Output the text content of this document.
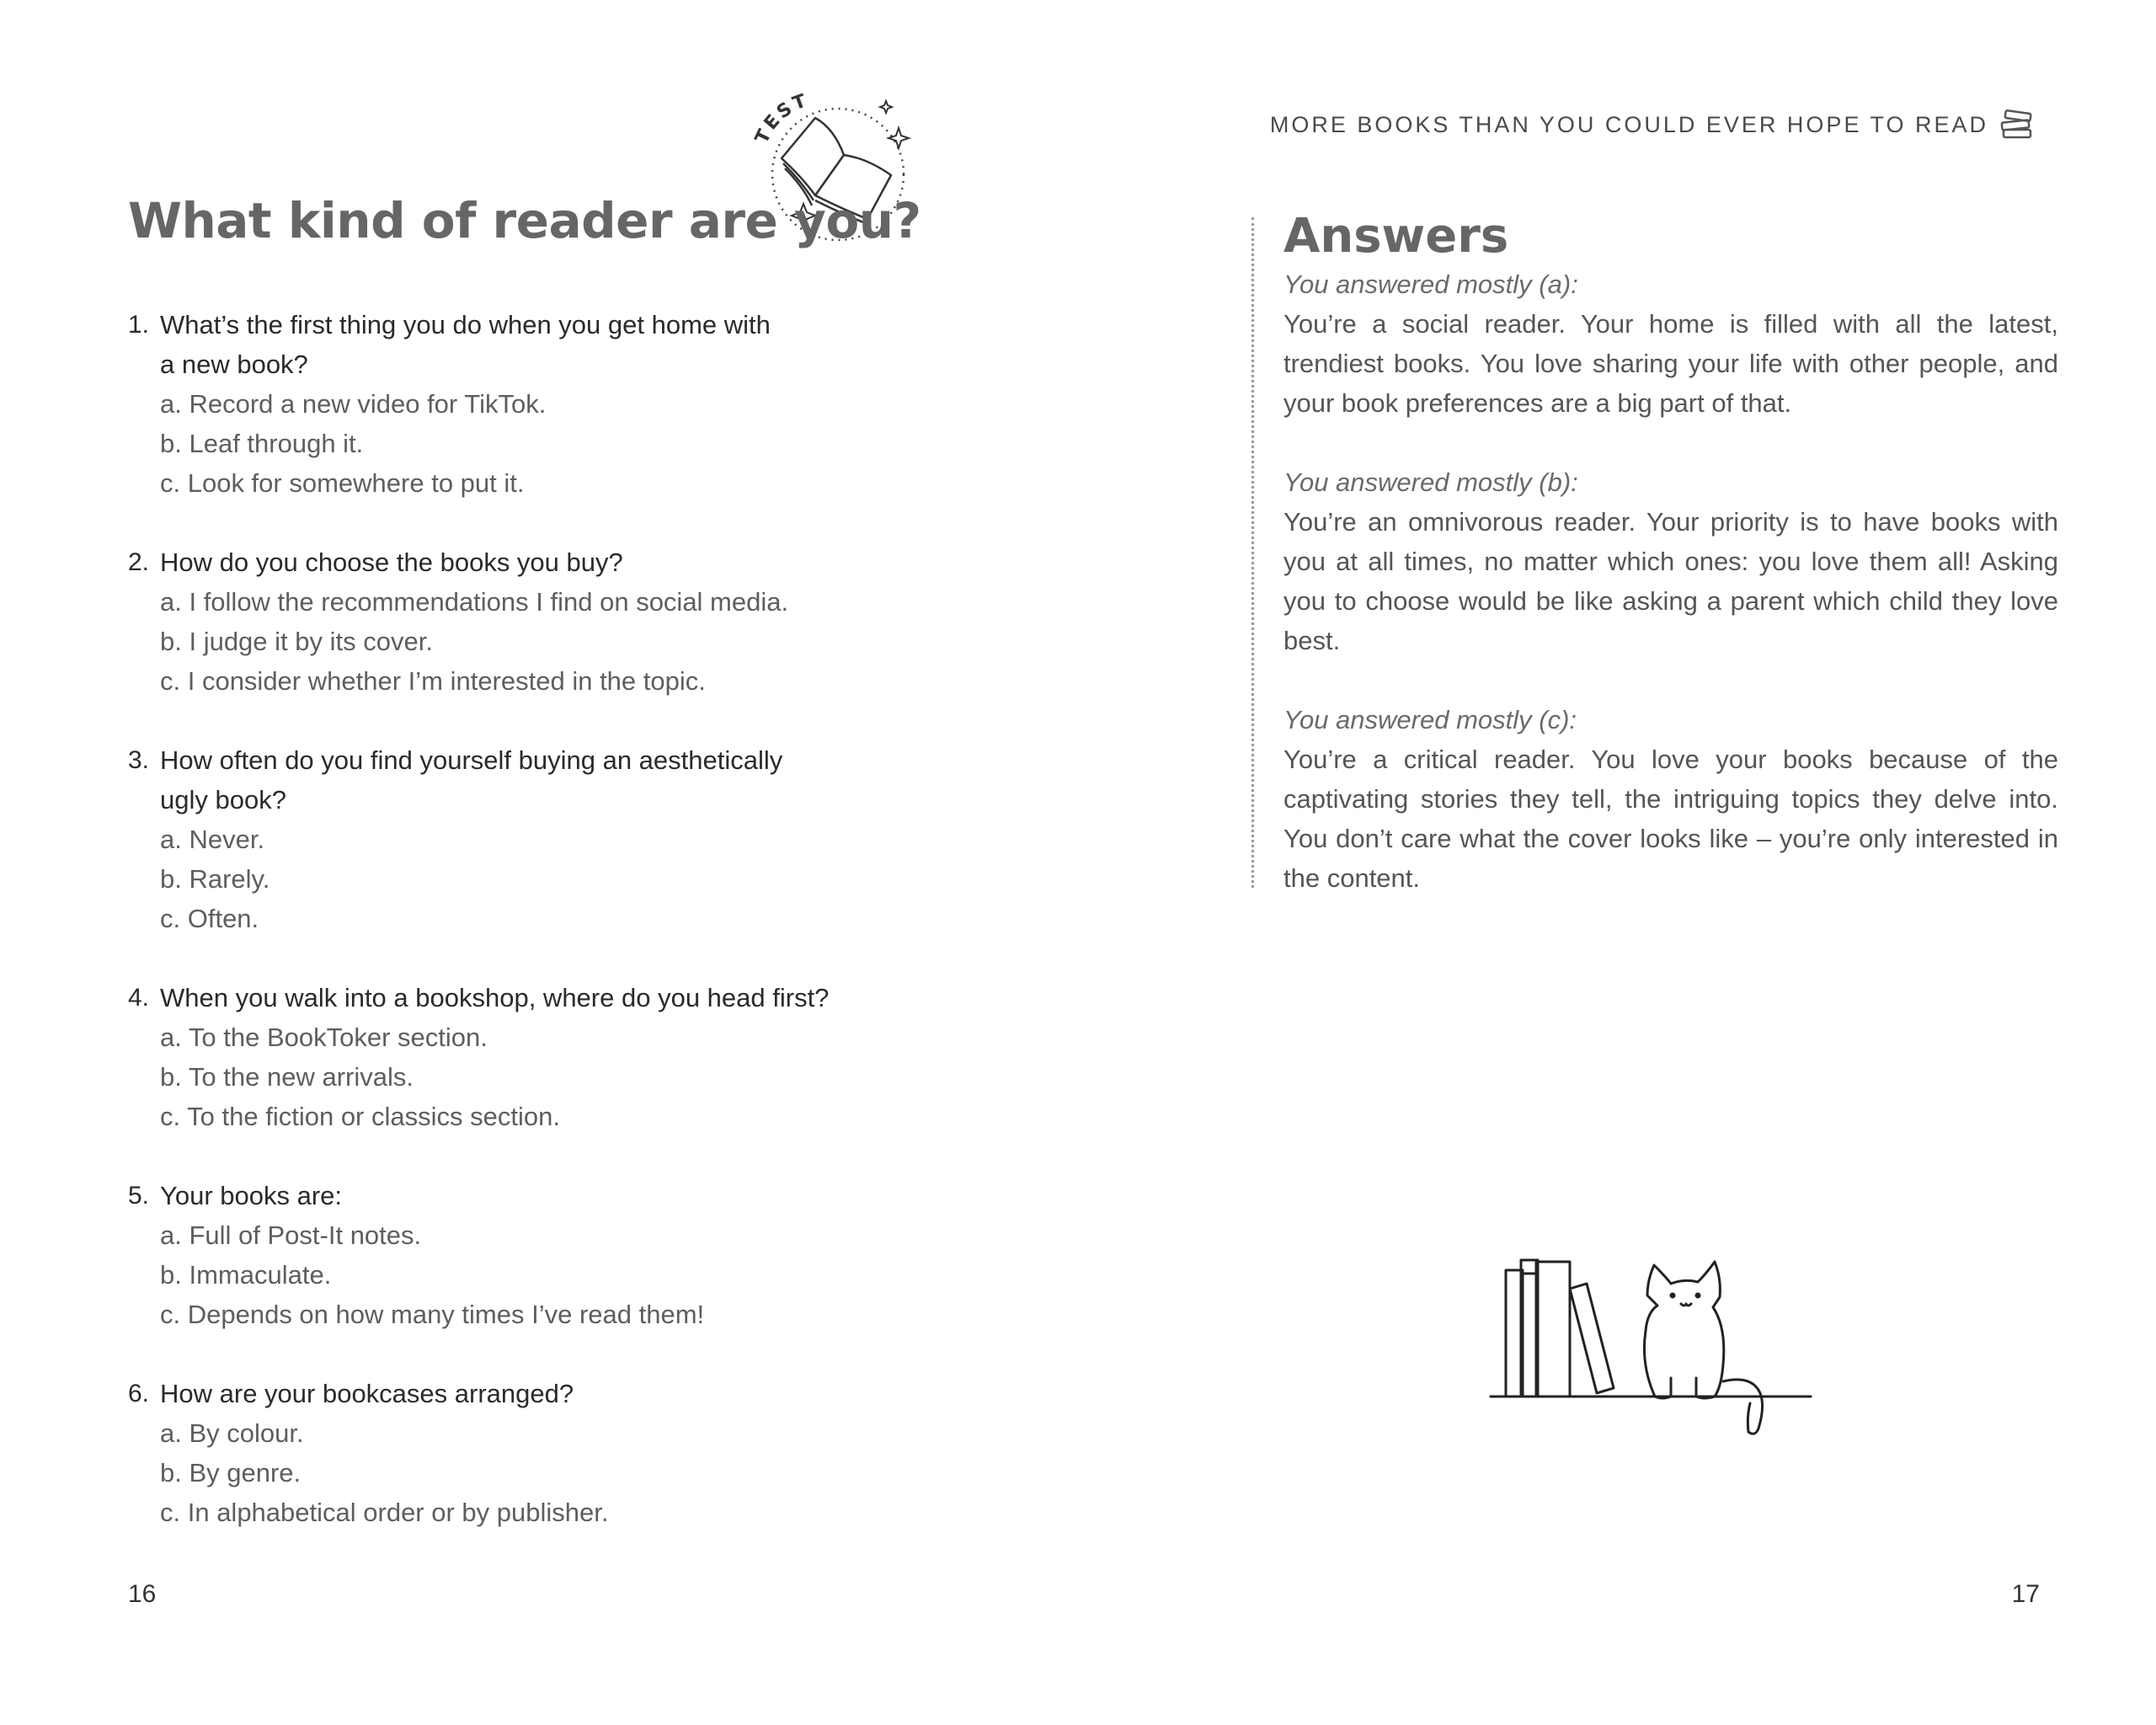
TEST
What kind of reader are you?
1. What’s the first thing you do when you get home with a new book?
a. Record a new video for TikTok.
b. Leaf through it.
c. Look for somewhere to put it.
2. How do you choose the books you buy?
a. I follow the recommendations I find on social media.
b. I judge it by its cover.
c. I consider whether I’m interested in the topic.
3. How often do you find yourself buying an aesthetically ugly book?
a. Never.
b. Rarely.
c. Often.
4. When you walk into a bookshop, where do you head first?
a. To the BookToker section.
b. To the new arrivals.
c. To the fiction or classics section.
5. Your books are:
a. Full of Post-It notes.
b. Immaculate.
c. Depends on how many times I’ve read them!
6. How are your bookcases arranged?
a. By colour.
b. By genre.
c. In alphabetical order or by publisher.

16

MORE BOOKS THAN YOU COULD EVER HOPE TO READ
Answers
You answered mostly (a):
You’re a social reader. Your home is filled with all the latest, trendiest books. You love sharing your life with other people, and your book preferences are a big part of that.
You answered mostly (b):
You’re an omnivorous reader. Your priority is to have books with you at all times, no matter which ones: you love them all! Asking you to choose would be like asking a parent which child they love best.
You answered mostly (c):
You’re a critical reader. You love your books because of the captivating stories they tell, the intriguing topics they delve into. You don’t care what the cover looks like – you’re only interested in the content.

17
